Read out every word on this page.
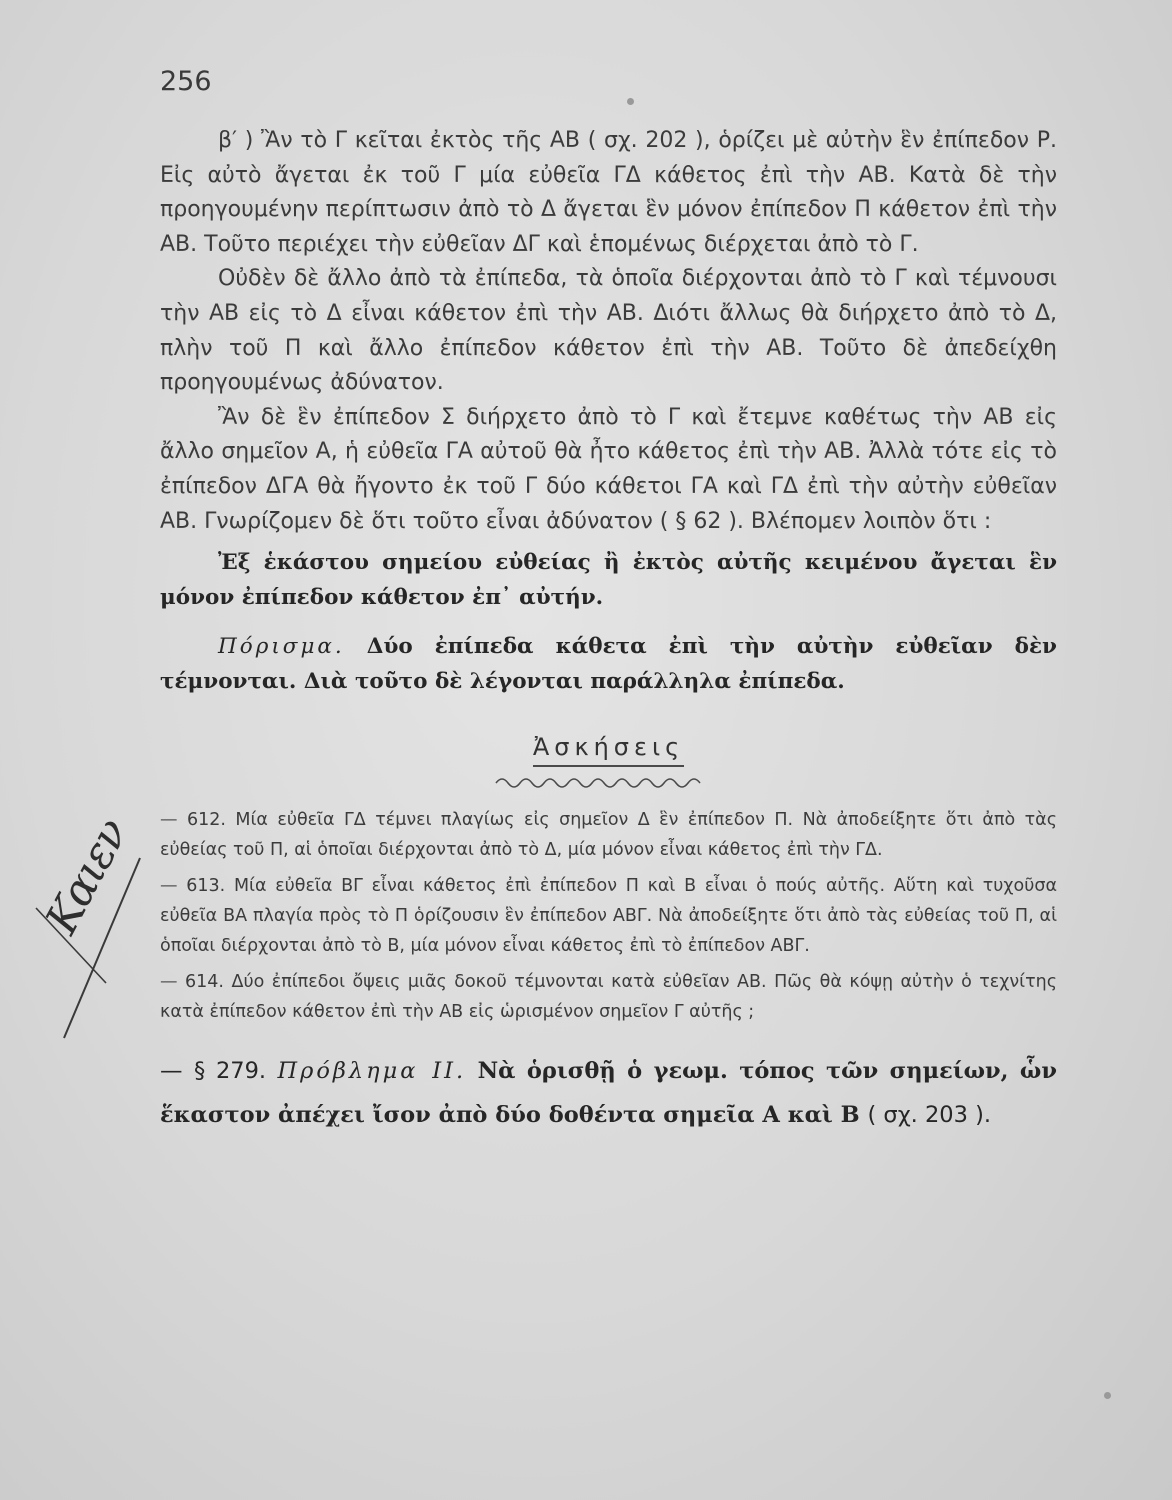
256

β′ ) Ἂν τὸ Γ κεῖται ἐκτὸς τῆς ΑΒ ( σχ. 202 ), ὁρίζει μὲ αὐτὴν ἓν ἐπίπεδον Ρ. Εἰς αὐτὸ ἄγεται ἐκ τοῦ Γ μία εὐθεῖα ΓΔ κάθετος ἐπὶ τὴν ΑΒ. Κατὰ δὲ τὴν προηγουμένην περίπτωσιν ἀπὸ τὸ Δ ἄγεται ἓν μόνον ἐπίπεδον Π κάθετον ἐπὶ τὴν ΑΒ. Τοῦτο περιέχει τὴν εὐθεῖαν ΔΓ καὶ ἑπομένως διέρχεται ἀπὸ τὸ Γ.

Οὐδὲν δὲ ἄλλο ἀπὸ τὰ ἐπίπεδα, τὰ ὁποῖα διέρχονται ἀπὸ τὸ Γ καὶ τέμνουσι τὴν ΑΒ εἰς τὸ Δ εἶναι κάθετον ἐπὶ τὴν ΑΒ. Διότι ἄλλως θὰ διήρχετο ἀπὸ τὸ Δ, πλὴν τοῦ Π καὶ ἄλλο ἐπίπεδον κάθετον ἐπὶ τὴν ΑΒ. Τοῦτο δὲ ἀπεδείχθη προηγουμένως ἀδύνατον.

Ἂν δὲ ἓν ἐπίπεδον Σ διήρχετο ἀπὸ τὸ Γ καὶ ἔτεμνε καθέτως τὴν ΑΒ εἰς ἄλλο σημεῖον Α, ἡ εὐθεῖα ΓΑ αὐτοῦ θὰ ἦτο κάθετος ἐπὶ τὴν ΑΒ. Ἀλλὰ τότε εἰς τὸ ἐπίπεδον ΔΓΑ θὰ ἤγοντο ἐκ τοῦ Γ δύο κάθετοι ΓΑ καὶ ΓΔ ἐπὶ τὴν αὐτὴν εὐθεῖαν ΑΒ. Γνωρίζομεν δὲ ὅτι τοῦτο εἶναι ἀδύνατον ( § 62 ). Βλέπομεν λοιπὸν ὅτι :

Ἐξ ἑκάστου σημείου εὐθείας ἢ ἐκτὸς αὐτῆς κειμένου ἄγεται ἓν μόνον ἐπίπεδον κάθετον ἐπ᾽ αὐτήν.

Πόρισμα. Δύο ἐπίπεδα κάθετα ἐπὶ τὴν αὐτὴν εὐθεῖαν δὲν τέμνονται. Διὰ τοῦτο δὲ λέγονται παράλληλα ἐπίπεδα.

Ἀσκήσεις

— 612. Μία εὐθεῖα ΓΔ τέμνει πλαγίως εἰς σημεῖον Δ ἓν ἐπίπεδον Π. Νὰ ἀποδείξητε ὅτι ἀπὸ τὰς εὐθείας τοῦ Π, αἱ ὁποῖαι διέρχονται ἀπὸ τὸ Δ, μία μόνον εἶναι κάθετος ἐπὶ τὴν ΓΔ.

— 613. Μία εὐθεῖα ΒΓ εἶναι κάθετος ἐπὶ ἐπίπεδον Π καὶ Β εἶναι ὁ πούς αὐτῆς. Αὕτη καὶ τυχοῦσα εὐθεῖα ΒΑ πλαγία πρὸς τὸ Π ὁρίζουσιν ἓν ἐπίπεδον ΑΒΓ. Νὰ ἀποδείξητε ὅτι ἀπὸ τὰς εὐθείας τοῦ Π, αἱ ὁποῖαι διέρχονται ἀπὸ τὸ Β, μία μόνον εἶναι κάθετος ἐπὶ τὸ ἐπίπεδον ΑΒΓ.

— 614. Δύο ἐπίπεδοι ὄψεις μιᾶς δοκοῦ τέμνονται κατὰ εὐθεῖαν ΑΒ. Πῶς θὰ κόψῃ αὐτὴν ὁ τεχνίτης κατὰ ἐπίπεδον κάθετον ἐπὶ τὴν ΑΒ εἰς ὡρισμένον σημεῖον Γ αὐτῆς ;

— § 279. Πρόβλημα ΙΙ. Νὰ ὁρισθῇ ὁ γεωμ. τόπος τῶν σημείων, ὧν ἕκαστον ἀπέχει ἴσον ἀπὸ δύο δοθέντα σημεῖα Α καὶ Β ( σχ. 203 ).

Καιεν
